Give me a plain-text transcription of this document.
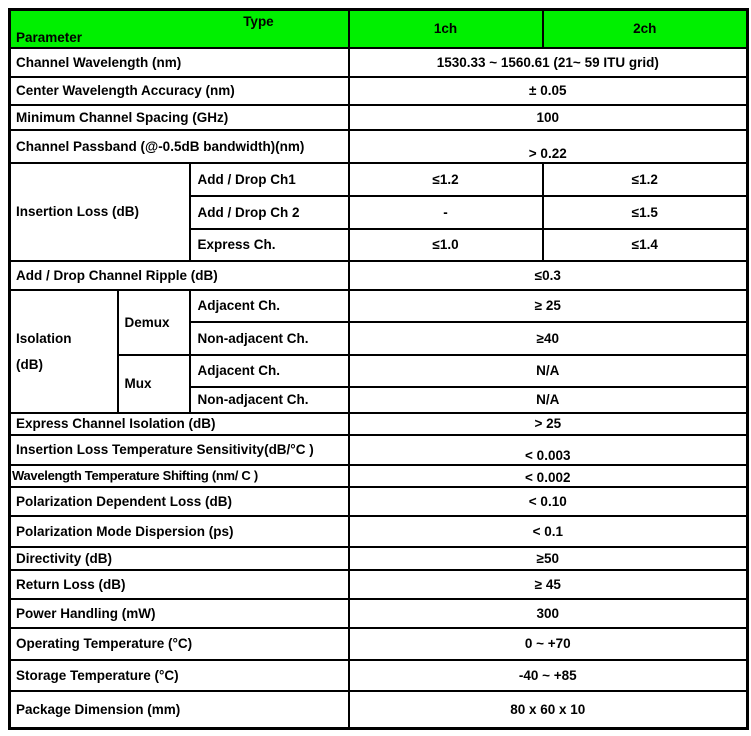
Type
Parameter			1ch	2ch
Channel Wavelength (nm)			1530.33 ~ 1560.61 (21~ 59 ITU grid)	
Center Wavelength Accuracy (nm)			± 0.05	
Minimum Channel Spacing (GHz)			100	
Channel Passband (@-0.5dB bandwidth)(nm)			> 0.22	
Insertion Loss (dB)		Add / Drop Ch1	≤1.2	≤1.2
		Add / Drop Ch 2	-	≤1.5
		Express Ch.	≤1.0	≤1.4
Add / Drop Channel Ripple (dB)			≤0.3	

Isolation
(dB)	Demux	Adjacent Ch.	≥ 25	
		Non-adjacent Ch.	≥40	
	Mux	Adjacent Ch.	N/A	
		Non-adjacent Ch.	N/A	
Express Channel Isolation (dB)			> 25	
Insertion Loss Temperature Sensitivity(dB/°C )			< 0.003	
Wavelength Temperature Shifting (nm/ C )			< 0.002	
Polarization Dependent Loss (dB)			< 0.10	
Polarization Mode Dispersion (ps)			< 0.1	
Directivity (dB)			≥50	
Return Loss (dB)			≥ 45	
Power Handling (mW)			300	
Operating Temperature (°C)			0 ~ +70	
Storage Temperature (°C)			-40 ~ +85	
Package Dimension (mm)			80 x 60 x 10	
